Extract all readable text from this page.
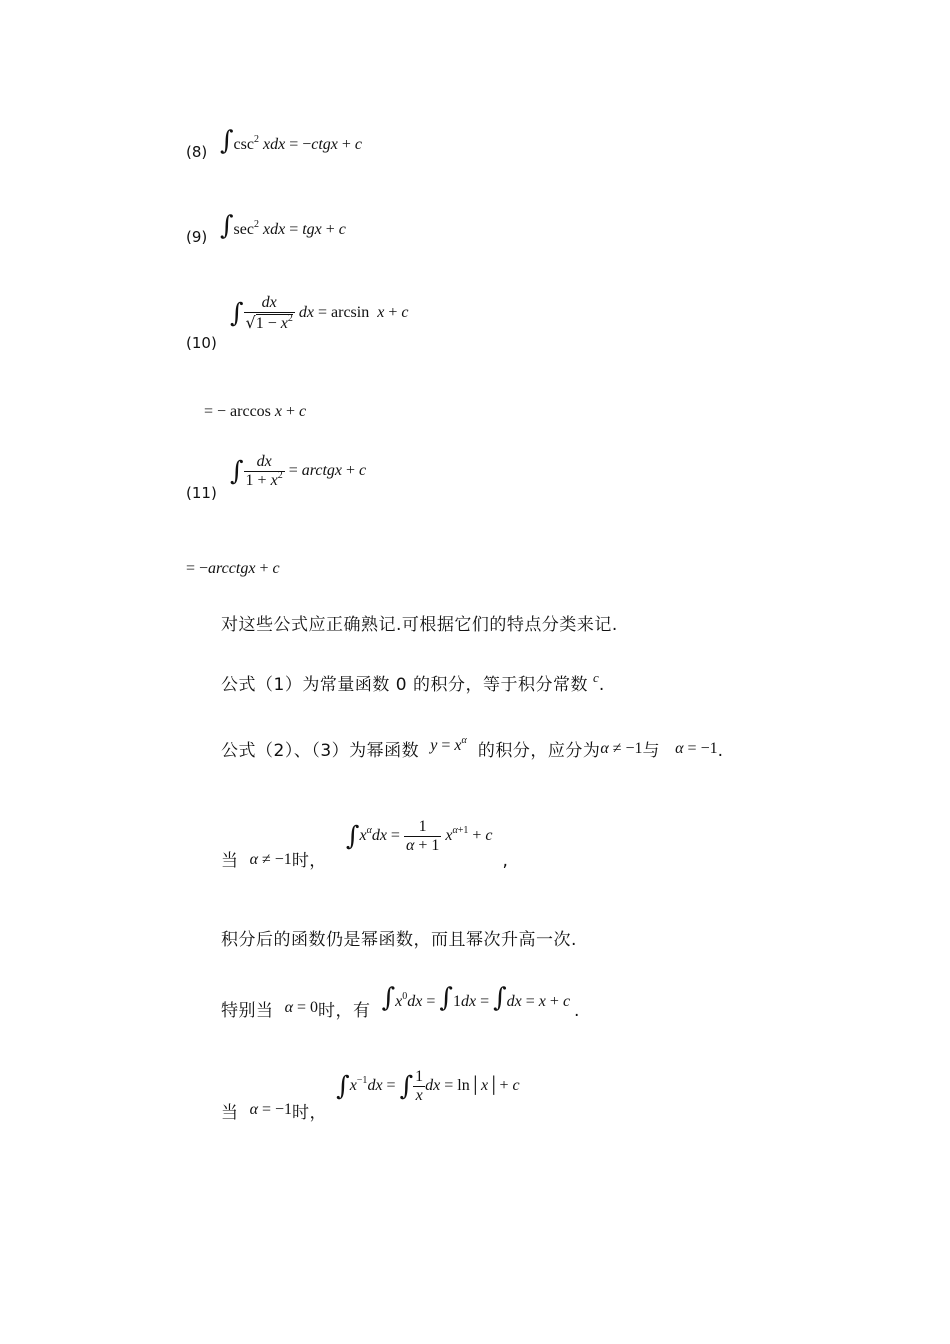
(8) $\int\csc^2$ xdx = −ctgx + c
(9) $\int\sec^2$ xdx = tgx + c
(10)
∫ $\frac{dx}{√1 - x^2}$ dx = arcsin  x + c
= − arccos x + c
(11)
∫ $\frac{dx}{1 + x^2}$ = arctgx + c
= −arcctgx + c
对这些公式应正确熟记.可根据它们的特点分类来记.
公式（1）为常量函数 0 的积分，等于积分常数 $^c$.
公式（2）、（3）为幂函数 $y = x^\alpha$ 的积分，应分为α ≠ −1与 α = −1.
当 α ≠ −1时， $\int x^\alpha dx = \frac{1}{\alpha + 1} x^{\alpha+1} + c$ ,
积分后的函数仍是幂函数，而且幂次升高一次.
特别当 α = 0时，有 $\int x^0dx = \int 1dx = \int dx = x + c$ .
当 α = −1时， $\int x^{-1}dx$ = ∫ $\frac{1}{x}$ dx = ln│x│+ c
